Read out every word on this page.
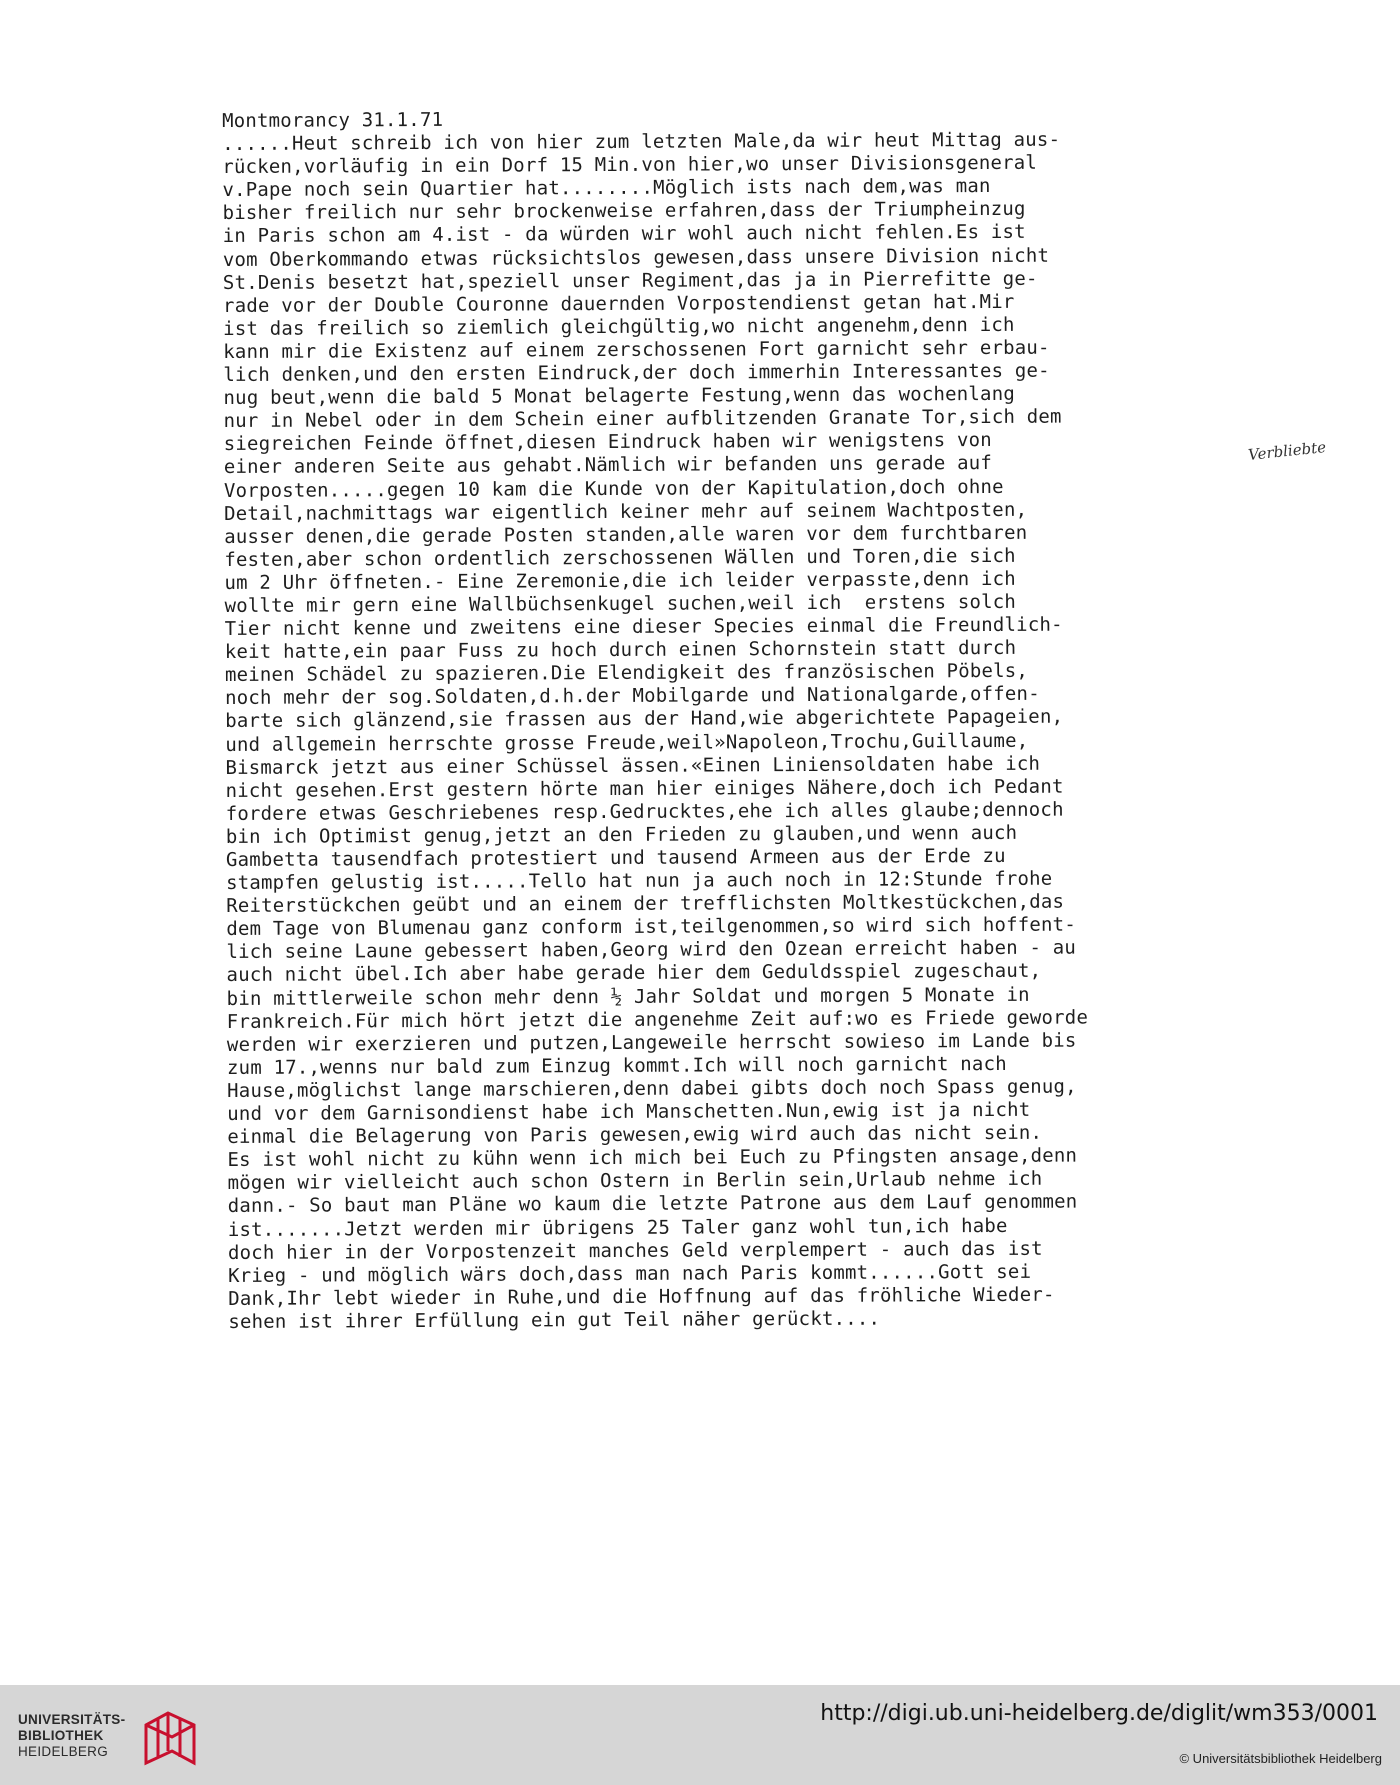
Montmorancy 31.1.71
......Heut schreib ich von hier zum letzten Male,da wir heut Mittag aus-
rücken,vorläufig in ein Dorf 15 Min.von hier,wo unser Divisionsgeneral
v.Pape noch sein Quartier hat........Möglich ists nach dem,was man
bisher freilich nur sehr brockenweise erfahren,dass der Triumpheinzug
in Paris schon am 4.ist - da würden wir wohl auch nicht fehlen.Es ist
vom Oberkommando etwas rücksichtslos gewesen,dass unsere Division nicht
St.Denis besetzt hat,speziell unser Regiment,das ja in Pierrefitte ge-
rade vor der Double Couronne dauernden Vorpostendienst getan hat.Mir
ist das freilich so ziemlich gleichgültig,wo nicht angenehm,denn ich
kann mir die Existenz auf einem zerschossenen Fort garnicht sehr erbau-
lich denken,und den ersten Eindruck,der doch immerhin Interessantes ge-
nug beut,wenn die bald 5 Monat belagerte Festung,wenn das wochenlang
nur in Nebel oder in dem Schein einer aufblitzenden Granate Tor,sich dem
siegreichen Feinde öffnet,diesen Eindruck haben wir wenigstens von
einer anderen Seite aus gehabt.Nämlich wir befanden uns gerade auf
Vorposten.....gegen 10 kam die Kunde von der Kapitulation,doch ohne
Detail,nachmittags war eigentlich keiner mehr auf seinem Wachtposten,
ausser denen,die gerade Posten standen,alle waren vor dem furchtbaren
festen,aber schon ordentlich zerschossenen Wällen und Toren,die sich
um 2 Uhr öffneten.- Eine Zeremonie,die ich leider verpasste,denn ich
wollte mir gern eine Wallbüchsenkugel suchen,weil ich  erstens solch
Tier nicht kenne und zweitens eine dieser Species einmal die Freundlich-
keit hatte,ein paar Fuss zu hoch durch einen Schornstein statt durch
meinen Schädel zu spazieren.Die Elendigkeit des französischen Pöbels,
noch mehr der sog.Soldaten,d.h.der Mobilgarde und Nationalgarde,offen-
barte sich glänzend,sie frassen aus der Hand,wie abgerichtete Papageien,
und allgemein herrschte grosse Freude,weil»Napoleon,Trochu,Guillaume,
Bismarck jetzt aus einer Schüssel ässen.«Einen Liniensoldaten habe ich
nicht gesehen.Erst gestern hörte man hier einiges Nähere,doch ich Pedant
fordere etwas Geschriebenes resp.Gedrucktes,ehe ich alles glaube;dennoch
bin ich Optimist genug,jetzt an den Frieden zu glauben,und wenn auch
Gambetta tausendfach protestiert und tausend Armeen aus der Erde zu
stampfen gelustig ist.....Tello hat nun ja auch noch in 12:Stunde frohe
Reiterstückchen geübt und an einem der trefflichsten Moltkestückchen,das
dem Tage von Blumenau ganz conform ist,teilgenommen,so wird sich hoffent-
lich seine Laune gebessert haben,Georg wird den Ozean erreicht haben - au
auch nicht übel.Ich aber habe gerade hier dem Geduldsspiel zugeschaut,
bin mittlerweile schon mehr denn ½ Jahr Soldat und morgen 5 Monate in
Frankreich.Für mich hört jetzt die angenehme Zeit auf:wo es Friede geworde
werden wir exerzieren und putzen,Langeweile herrscht sowieso im Lande bis
zum 17.,wenns nur bald zum Einzug kommt.Ich will noch garnicht nach
Hause,möglichst lange marschieren,denn dabei gibts doch noch Spass genug,
und vor dem Garnisondienst habe ich Manschetten.Nun,ewig ist ja nicht
einmal die Belagerung von Paris gewesen,ewig wird auch das nicht sein.
Es ist wohl nicht zu kühn wenn ich mich bei Euch zu Pfingsten ansage,denn
mögen wir vielleicht auch schon Ostern in Berlin sein,Urlaub nehme ich
dann.- So baut man Pläne wo kaum die letzte Patrone aus dem Lauf genommen
ist.......Jetzt werden mir übrigens 25 Taler ganz wohl tun,ich habe
doch hier in der Vorpostenzeit manches Geld verplempert - auch das ist
Krieg - und möglich wärs doch,dass man nach Paris kommt......Gott sei
Dank,Ihr lebt wieder in Ruhe,und die Hoffnung auf das fröhliche Wieder-
sehen ist ihrer Erfüllung ein gut Teil näher gerückt....
Verbliebte
UNIVERSITÄTS-
BIBLIOTHEK
HEIDELBERG
http://digi.ub.uni-heidelberg.de/diglit/wm353/0001
© Universitätsbibliothek Heidelberg
